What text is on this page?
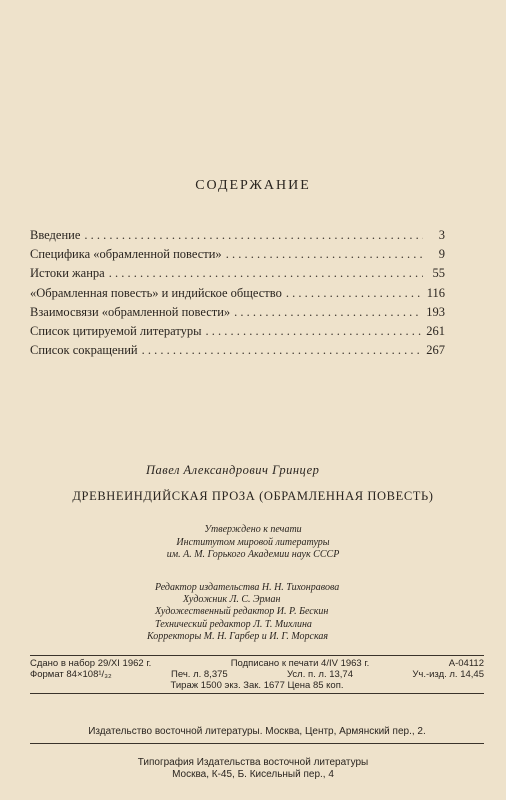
СОДЕРЖАНИЕ
Введение . . .	3
Специфика «обрамленной повести» . . .	9
Истоки жанра . . .	55
«Обрамленная повесть» и индийское общество . . .	116
Взаимосвязи «обрамленной повести» . . .	193
Список цитируемой литературы . . .	261
Список сокращений . . .	267
Павел Александрович Гринцер
ДРЕВНЕИНДИЙСКАЯ ПРОЗА (ОБРАМЛЕННАЯ ПОВЕСТЬ)
Утверждено к печати
Институтом мировой литературы
им. А. М. Горького Академии наук СССР
Редактор издательства Н. Н. Тихонравова
Художник Л. С. Эрман
Художественный редактор И. Р. Бескин
Технический редактор Л. Т. Михлина
Корректоры М. Н. Гарбер и И. Г. Морская
Сдано в набор 29/XI 1962 г.	Подписано к печати 4/IV 1963 г.	A-04112
Формат 84×108¹/₃₂	Печ. л. 8,375	Усл. п. л. 13,74	Уч.-изд. л. 14,45
Тираж 1500 экз. Зак. 1677 Цена 85 коп.
Издательство восточной литературы. Москва, Центр, Армянский пер., 2.
Типография Издательства восточной литературы
Москва, К-45, Б. Кисельный пер., 4
